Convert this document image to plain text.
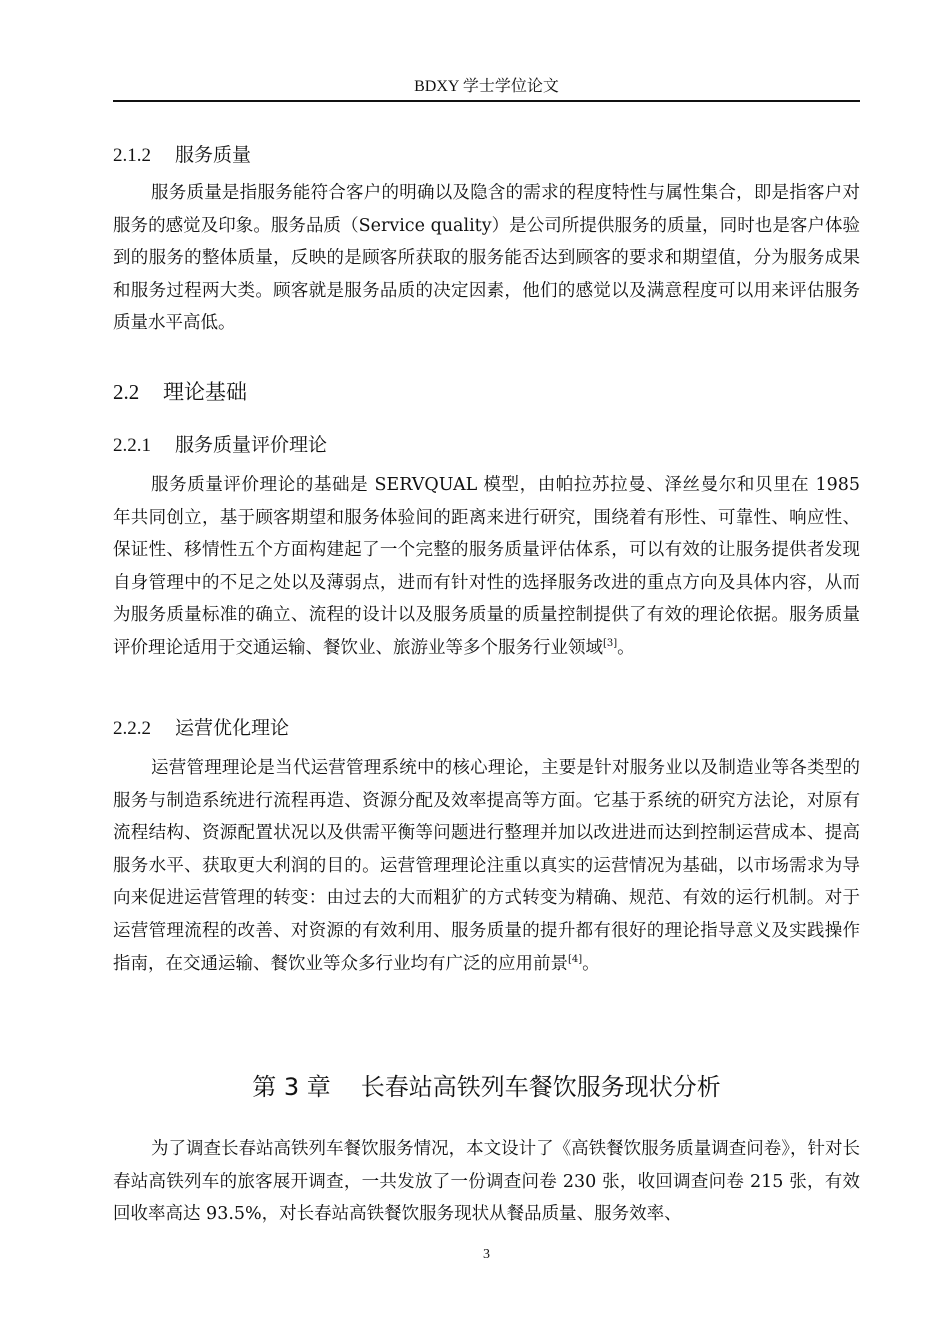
BDXY 学士学位论文
2.1.2 服务质量

服务质量是指服务能符合客户的明确以及隐含的需求的程度特性与属性集合，即是指客户对服务的感觉及印象。服务品质（Service quality）是公司所提供服务的质量，同时也是客户体验到的服务的整体质量，反映的是顾客所获取的服务能否达到顾客的要求和期望值，分为服务成果和服务过程两大类。顾客就是服务品质的决定因素，他们的感觉以及满意程度可以用来评估服务质量水平高低。

2.2 理论基础
2.2.1 服务质量评价理论

服务质量评价理论的基础是 SERVQUAL 模型，由帕拉苏拉曼、泽丝曼尔和贝里在 1985 年共同创立，基于顾客期望和服务体验间的距离来进行研究，围绕着有形性、可靠性、响应性、保证性、移情性五个方面构建起了一个完整的服务质量评估体系，可以有效的让服务提供者发现自身管理中的不足之处以及薄弱点，进而有针对性的选择服务改进的重点方向及具体内容，从而为服务质量标准的确立、流程的设计以及服务质量的质量控制提供了有效的理论依据。服务质量评价理论适用于交通运输、餐饮业、旅游业等多个服务行业领域[3]。

2.2.2 运营优化理论

运营管理理论是当代运营管理系统中的核心理论，主要是针对服务业以及制造业等各类型的服务与制造系统进行流程再造、资源分配及效率提高等方面。它基于系统的研究方法论，对原有流程结构、资源配置状况以及供需平衡等问题进行整理并加以改进进而达到控制运营成本、提高服务水平、获取更大利润的目的。运营管理理论注重以真实的运营情况为基础，以市场需求为导向来促进运营管理的转变：由过去的大而粗犷的方式转变为精确、规范、有效的运行机制。对于运营管理流程的改善、对资源的有效利用、服务质量的提升都有很好的理论指导意义及实践操作指南，在交通运输、餐饮业等众多行业均有广泛的应用前景[4]。

第 3 章 长春站高铁列车餐饮服务现状分析

为了调查长春站高铁列车餐饮服务情况，本文设计了《高铁餐饮服务质量调查问卷》，针对长春站高铁列车的旅客展开调查，一共发放了一份调查问卷 230 张，收回调查问卷 215 张，有效回收率高达 93.5%，对长春站高铁餐饮服务现状从餐品质量、服务效率、

3
